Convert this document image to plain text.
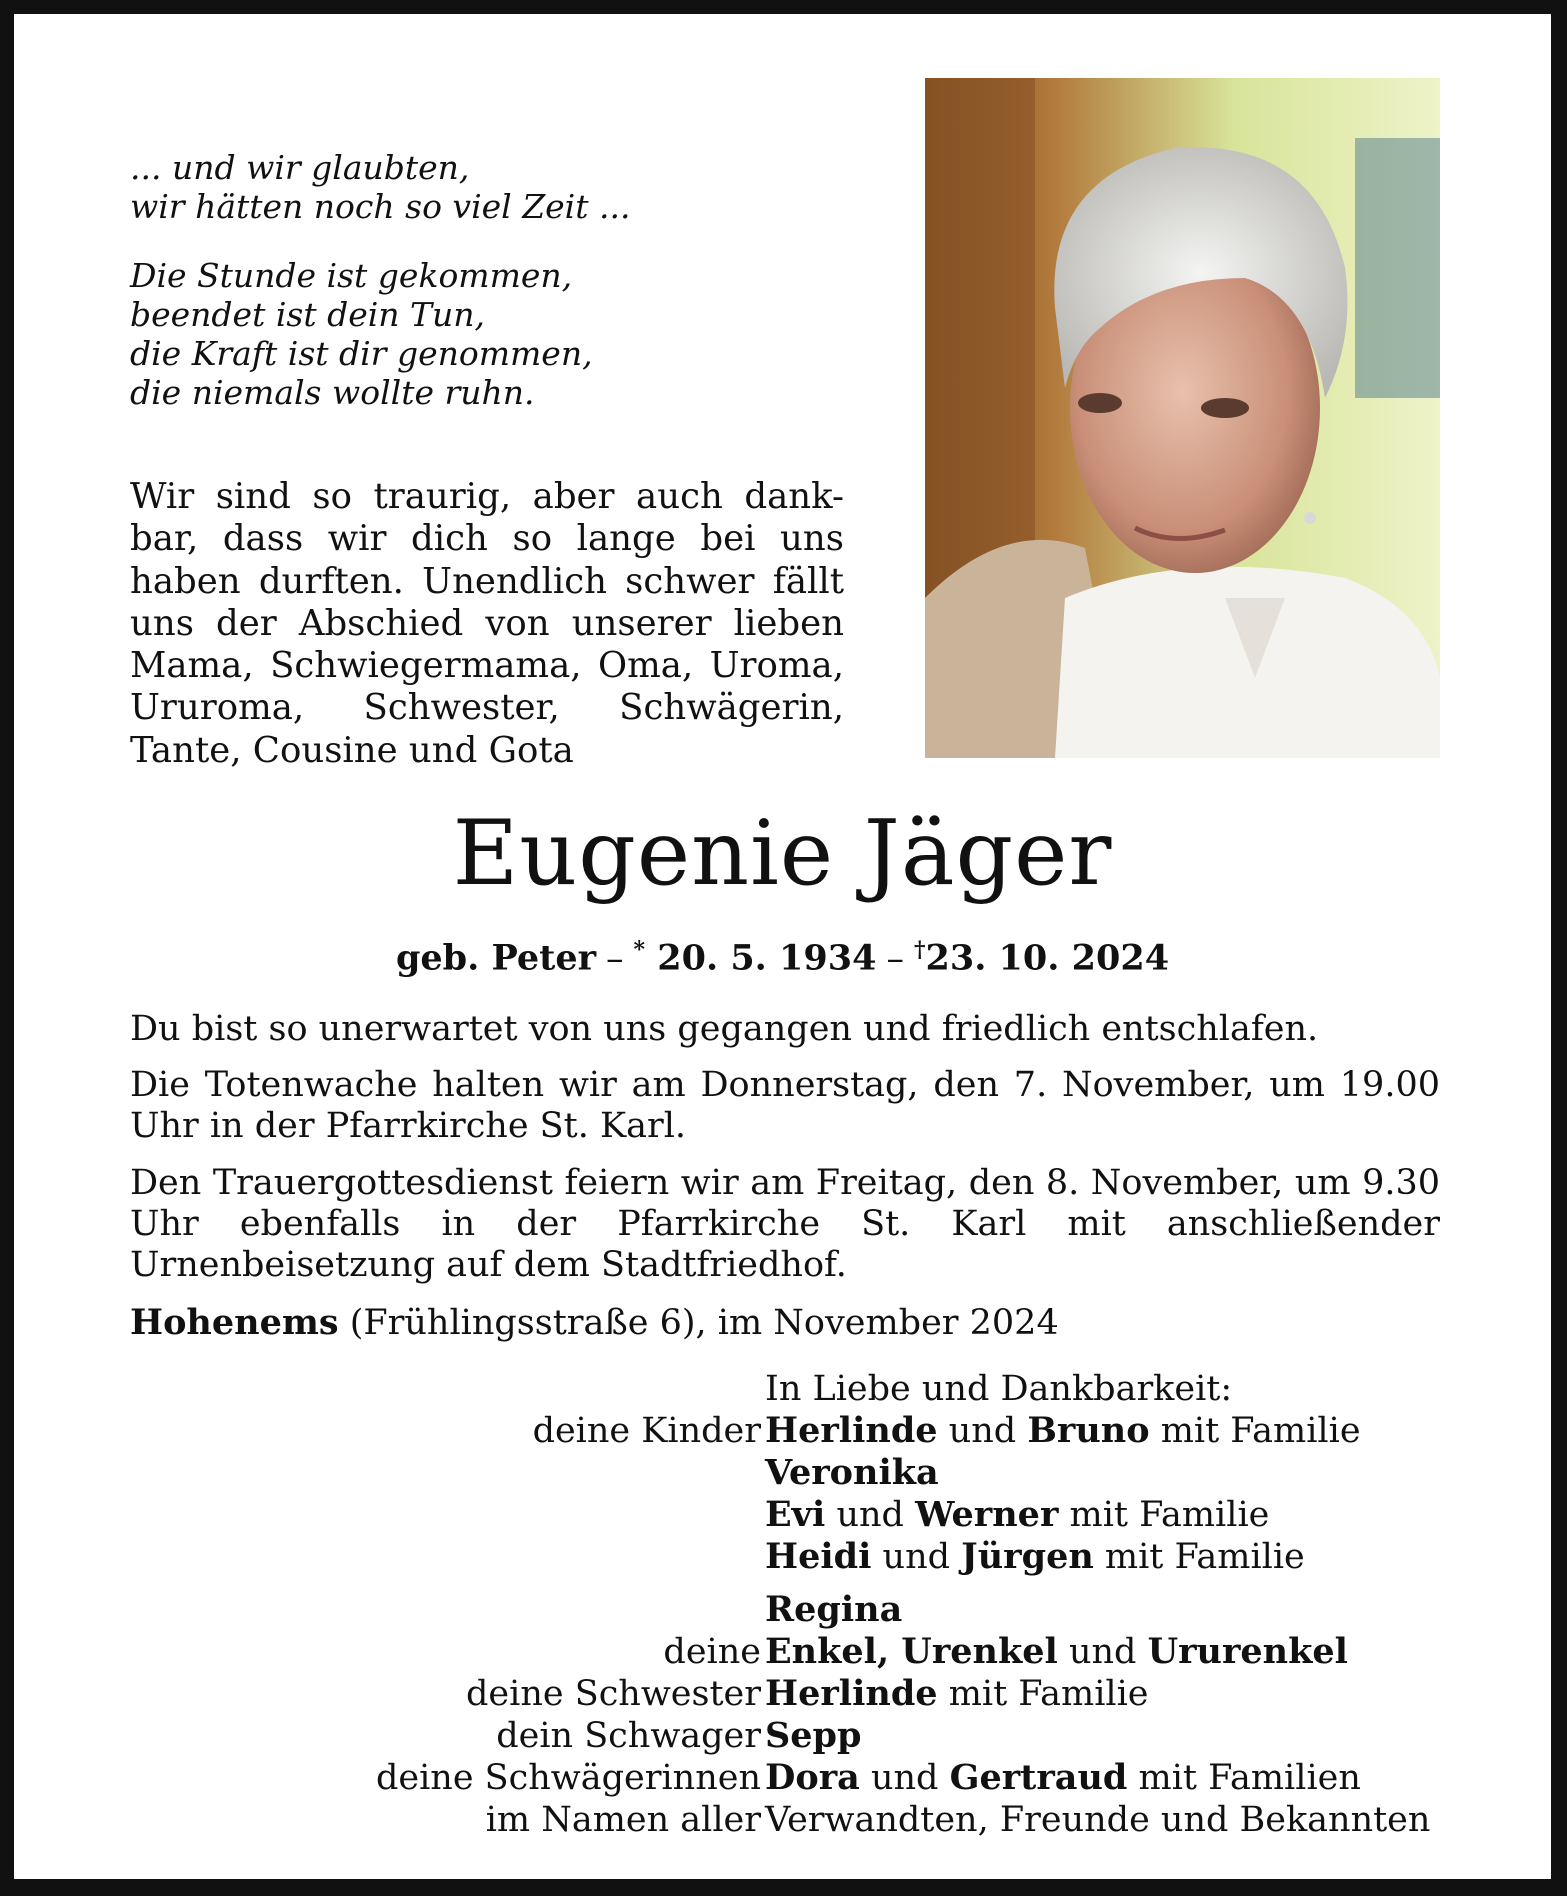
... und wir glaubten,
wir hätten noch so viel Zeit ...

Die Stunde ist gekommen,
beendet ist dein Tun,
die Kraft ist dir genommen,
die niemals wollte ruhn.

Wir sind so traurig, aber auch dank-bar, dass wir dich so lange bei uns haben durften. Unendlich schwer fällt uns der Abschied von unserer lieben Mama, Schwiegermama, Oma, Uroma, Ururoma, Schwester, Schwägerin, Tante, Cousine und Gota

Eugenie Jäger
geb. Peter – * 20. 5. 1934 – †23. 10. 2024

Du bist so unerwartet von uns gegangen und friedlich entschlafen.

Die Totenwache halten wir am Donnerstag, den 7. November, um 19.00 Uhr in der Pfarrkirche St. Karl.

Den Trauergottesdienst feiern wir am Freitag, den 8. November, um 9.30 Uhr ebenfalls in der Pfarrkirche St. Karl mit anschließender Urnenbeisetzung auf dem Stadtfriedhof.

Hohenems (Frühlingsstraße 6), im November 2024
In Liebe und Dankbarkeit:
deine Kinder Herlinde und Bruno mit Familie
Veronika
Evi und Werner mit Familie
Heidi und Jürgen mit Familie
Regina
deine Enkel, Urenkel und Ururenkel
deine Schwester Herlinde mit Familie
dein Schwager Sepp
deine Schwägerinnen Dora und Gertraud mit Familien
im Namen aller Verwandten, Freunde und Bekannten
